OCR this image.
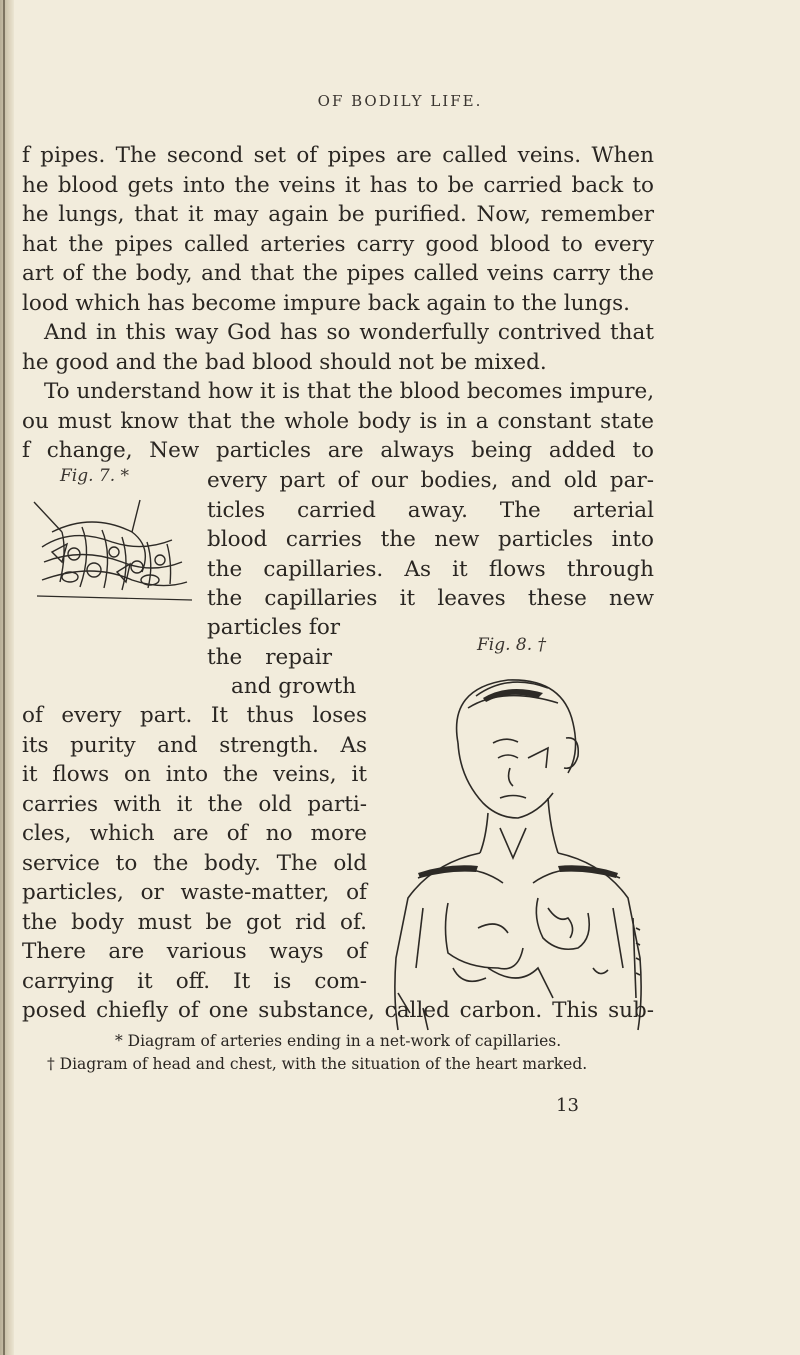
OF BODILY LIFE.
f pipes. The second set of pipes are called veins. When
he blood gets into the veins it has to be carried back to
he lungs, that it may again be purified. Now, remember
hat the pipes called arteries carry good blood to every
art of the body, and that the pipes called veins carry the
lood which has become impure back again to the lungs.
And in this way God has so wonderfully contrived that
he good and the bad blood should not be mixed.
To understand how it is that the blood becomes impure,
ou must know that the whole body is in a constant state
f change, New particles are always being added to
Fig. 7. *	every part of our bodies, and old par-
ticles carried away. The arterial
blood carries the new particles into
the capillaries. As it flows through
the capillaries it leaves these new
particles for
the repair
and growth
Fig. 8. †
of every part. It thus loses
its purity and strength. As
it flows on into the veins, it
carries with it the old parti-
cles, which are of no more
service to the body. The old
particles, or waste-matter, of
the body must be got rid of.
There are various ways of
carrying it off. It is com-
posed chiefly of one substance, called carbon. This sub-
* Diagram of arteries ending in a net-work of capillaries.
† Diagram of head and chest, with the situation of the heart marked.
13
